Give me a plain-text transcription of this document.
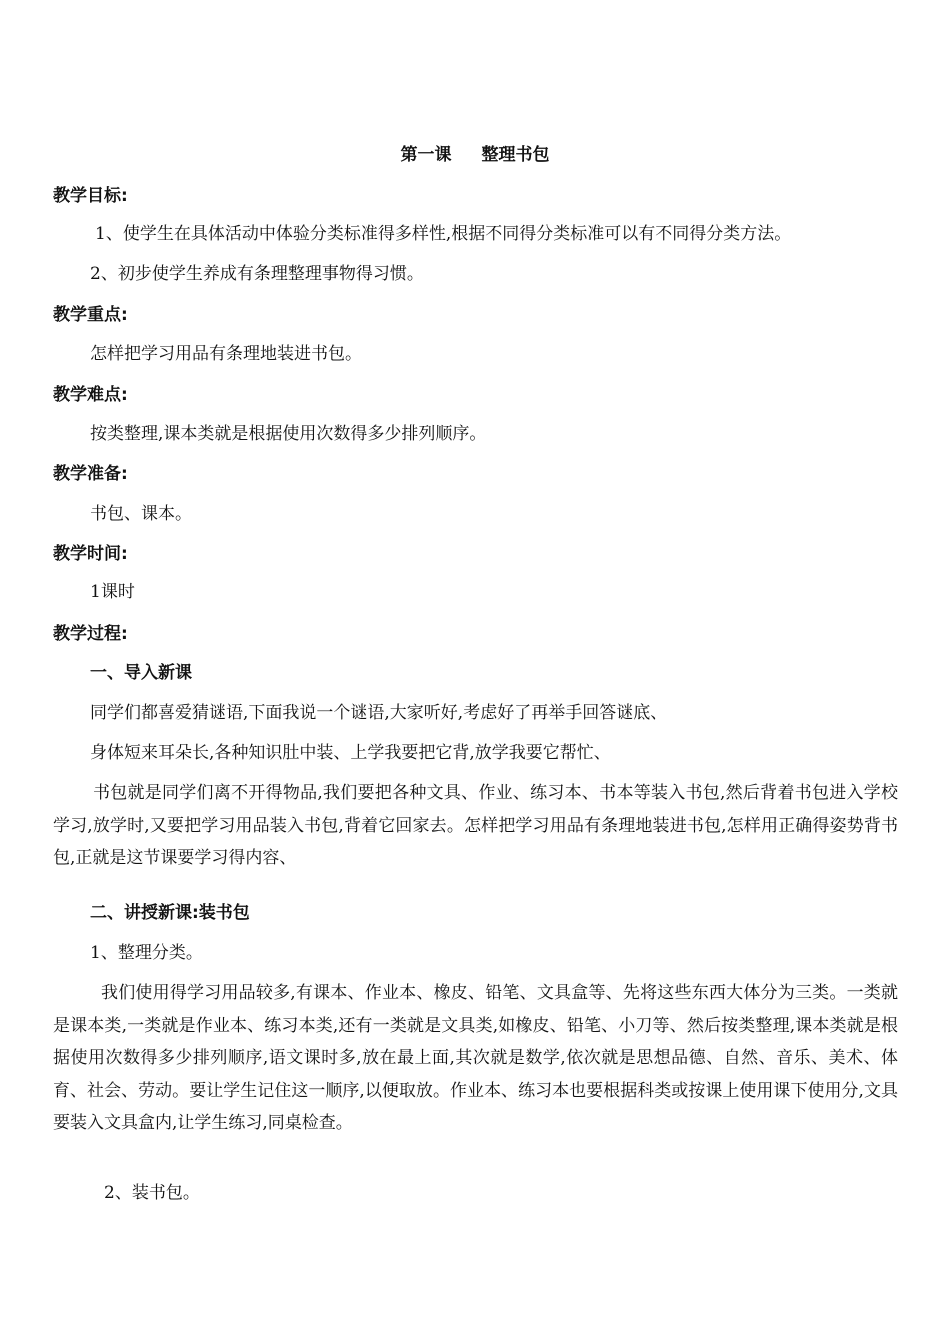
第一课 整理书包
教学目标:
1、使学生在具体活动中体验分类标准得多样性,根据不同得分类标准可以有不同得分类方法。
2、初步使学生养成有条理整理事物得习惯。
教学重点:
怎样把学习用品有条理地装进书包。
教学难点:
按类整理,课本类就是根据使用次数得多少排列顺序。
教学准备:
书包、课本。
教学时间:
1课时
教学过程:
一、导入新课
同学们都喜爱猜谜语,下面我说一个谜语,大家听好,考虑好了再举手回答谜底、
身体短来耳朵长,各种知识肚中装、上学我要把它背,放学我要它帮忙、
书包就是同学们离不开得物品,我们要把各种文具、作业、练习本、书本等装入书包,然后背着书包进入学校学习,放学时,又要把学习用品装入书包,背着它回家去。怎样把学习用品有条理地装进书包,怎样用正确得姿势背书包,正就是这节课要学习得内容、
二、讲授新课:装书包
1、整理分类。
我们使用得学习用品较多,有课本、作业本、橡皮、铅笔、文具盒等、先将这些东西大体分为三类。一类就是课本类,一类就是作业本、练习本类,还有一类就是文具类,如橡皮、铅笔、小刀等、然后按类整理,课本类就是根据使用次数得多少排列顺序,语文课时多,放在最上面,其次就是数学,依次就是思想品德、自然、音乐、美术、体育、社会、劳动。要让学生记住这一顺序,以便取放。作业本、练习本也要根据科类或按课上使用课下使用分,文具要装入文具盒内,让学生练习,同桌检查。
2、装书包。
